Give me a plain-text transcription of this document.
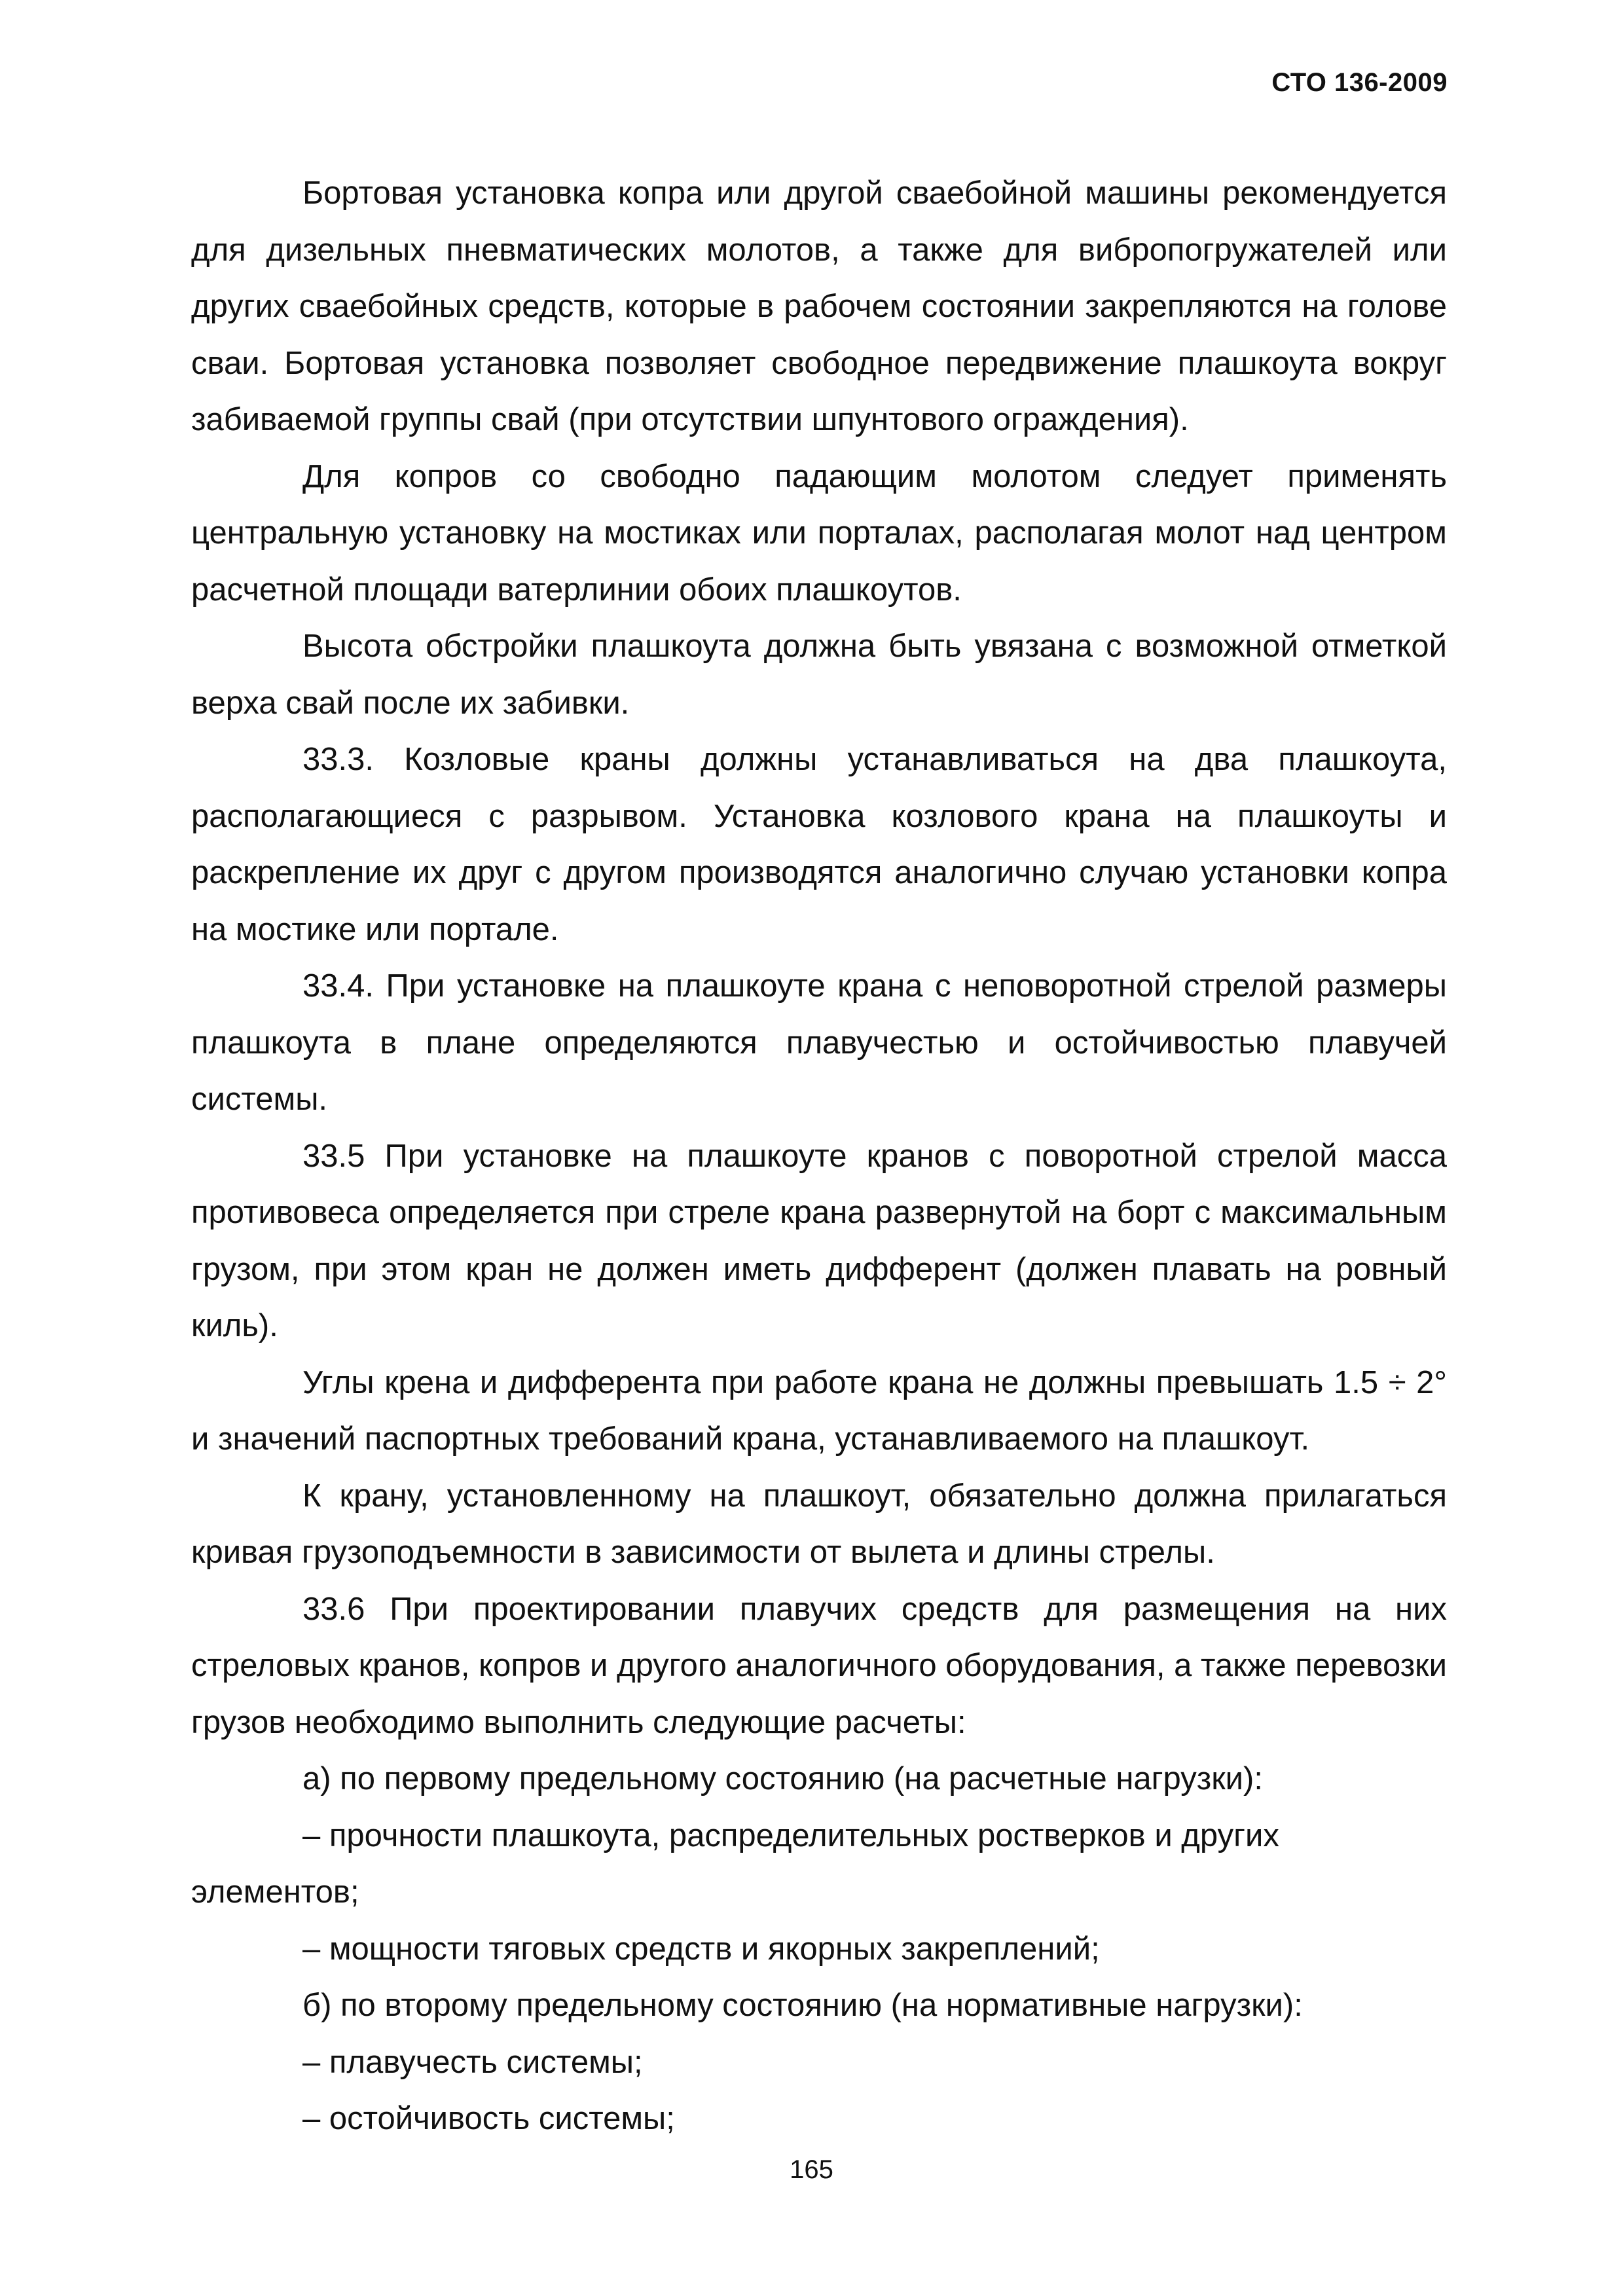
СТО 136-2009

Бортовая установка копра или другой сваебойной машины рекомендуется для дизельных пневматических молотов, а также для вибропогружателей или других сваебойных средств, которые в рабочем состоянии закрепляются на голове сваи. Бортовая установка позволяет свободное передвижение плашкоута вокруг забиваемой группы свай (при отсутствии шпунтового ограждения).

Для копров со свободно падающим молотом следует применять центральную установку на мостиках или порталах, располагая молот над центром расчетной площади ватерлинии обоих плашкоутов.

Высота обстройки плашкоута должна быть увязана с возможной отметкой верха свай после их забивки.

33.3. Козловые краны должны устанавливаться на два плашкоута, располагающиеся с разрывом. Установка козлового крана на плашкоуты и раскрепление их друг с другом производятся аналогично случаю установки копра на мостике или портале.

33.4. При установке на плашкоуте крана с неповоротной стрелой размеры плашкоута в плане определяются плавучестью и остойчивостью плавучей системы.

33.5 При установке на плашкоуте кранов с поворотной стрелой масса противовеса определяется при стреле крана развернутой на борт с максимальным грузом, при этом кран не должен иметь дифферент (должен плавать на ровный киль).

Углы крена и дифферента при работе крана не должны превышать 1.5 ÷ 2° и значений паспортных требований крана, устанавливаемого на плашкоут.

К крану, установленному на плашкоут, обязательно должна прилагаться кривая грузоподъемности в зависимости от вылета и длины стрелы.

33.6 При проектировании плавучих средств для размещения на них стреловых кранов, копров и другого аналогичного оборудования, а также перевозки грузов необходимо выполнить следующие расчеты:

а) по первому предельному состоянию (на расчетные нагрузки):

– прочности плашкоута, распределительных ростверков и других элементов;

– мощности тяговых средств и якорных закреплений;

б) по второму предельному состоянию (на нормативные нагрузки):

– плавучесть системы;

– остойчивость системы;

165
